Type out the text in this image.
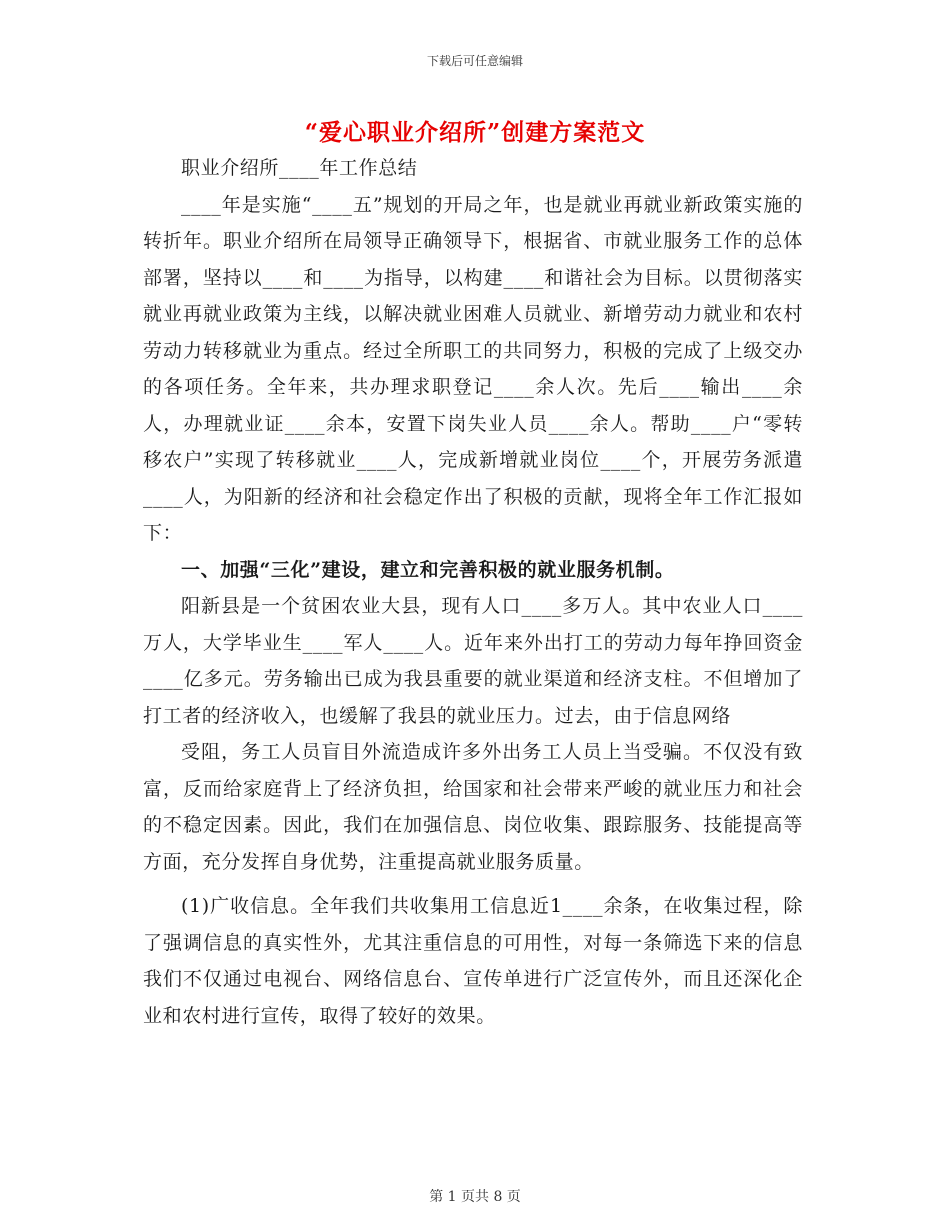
下载后可任意编辑
“爱心职业介绍所”创建方案范文

职业介绍所____年工作总结

____年是实施“____五”规划的开局之年，也是就业再就业新政策实施的转折年。职业介绍所在局领导正确领导下，根据省、市就业服务工作的总体部署，坚持以____和____为指导，以构建____和谐社会为目标。以贯彻落实就业再就业政策为主线，以解决就业困难人员就业、新增劳动力就业和农村劳动力转移就业为重点。经过全所职工的共同努力，积极的完成了上级交办的各项任务。全年来，共办理求职登记____余人次。先后____输出____余人，办理就业证____余本，安置下岗失业人员____余人。帮助____户“零转移农户”实现了转移就业____人，完成新增就业岗位____个，开展劳务派遣____人，为阳新的经济和社会稳定作出了积极的贡献，现将全年工作汇报如下：

一、加强“三化”建设，建立和完善积极的就业服务机制。

阳新县是一个贫困农业大县，现有人口____多万人。其中农业人口____万人，大学毕业生____军人____人。近年来外出打工的劳动力每年挣回资金____亿多元。劳务输出已成为我县重要的就业渠道和经济支柱。不但增加了打工者的经济收入，也缓解了我县的就业压力。过去，由于信息网络

受阻，务工人员盲目外流造成许多外出务工人员上当受骗。不仅没有致富，反而给家庭背上了经济负担，给国家和社会带来严峻的就业压力和社会的不稳定因素。因此，我们在加强信息、岗位收集、跟踪服务、技能提高等方面，充分发挥自身优势，注重提高就业服务质量。

(1)广收信息。全年我们共收集用工信息近1____余条，在收集过程，除了强调信息的真实性外，尤其注重信息的可用性，对每一条筛选下来的信息我们不仅通过电视台、网络信息台、宣传单进行广泛宣传外，而且还深化企业和农村进行宣传，取得了较好的效果。

第 1 页共 8 页
